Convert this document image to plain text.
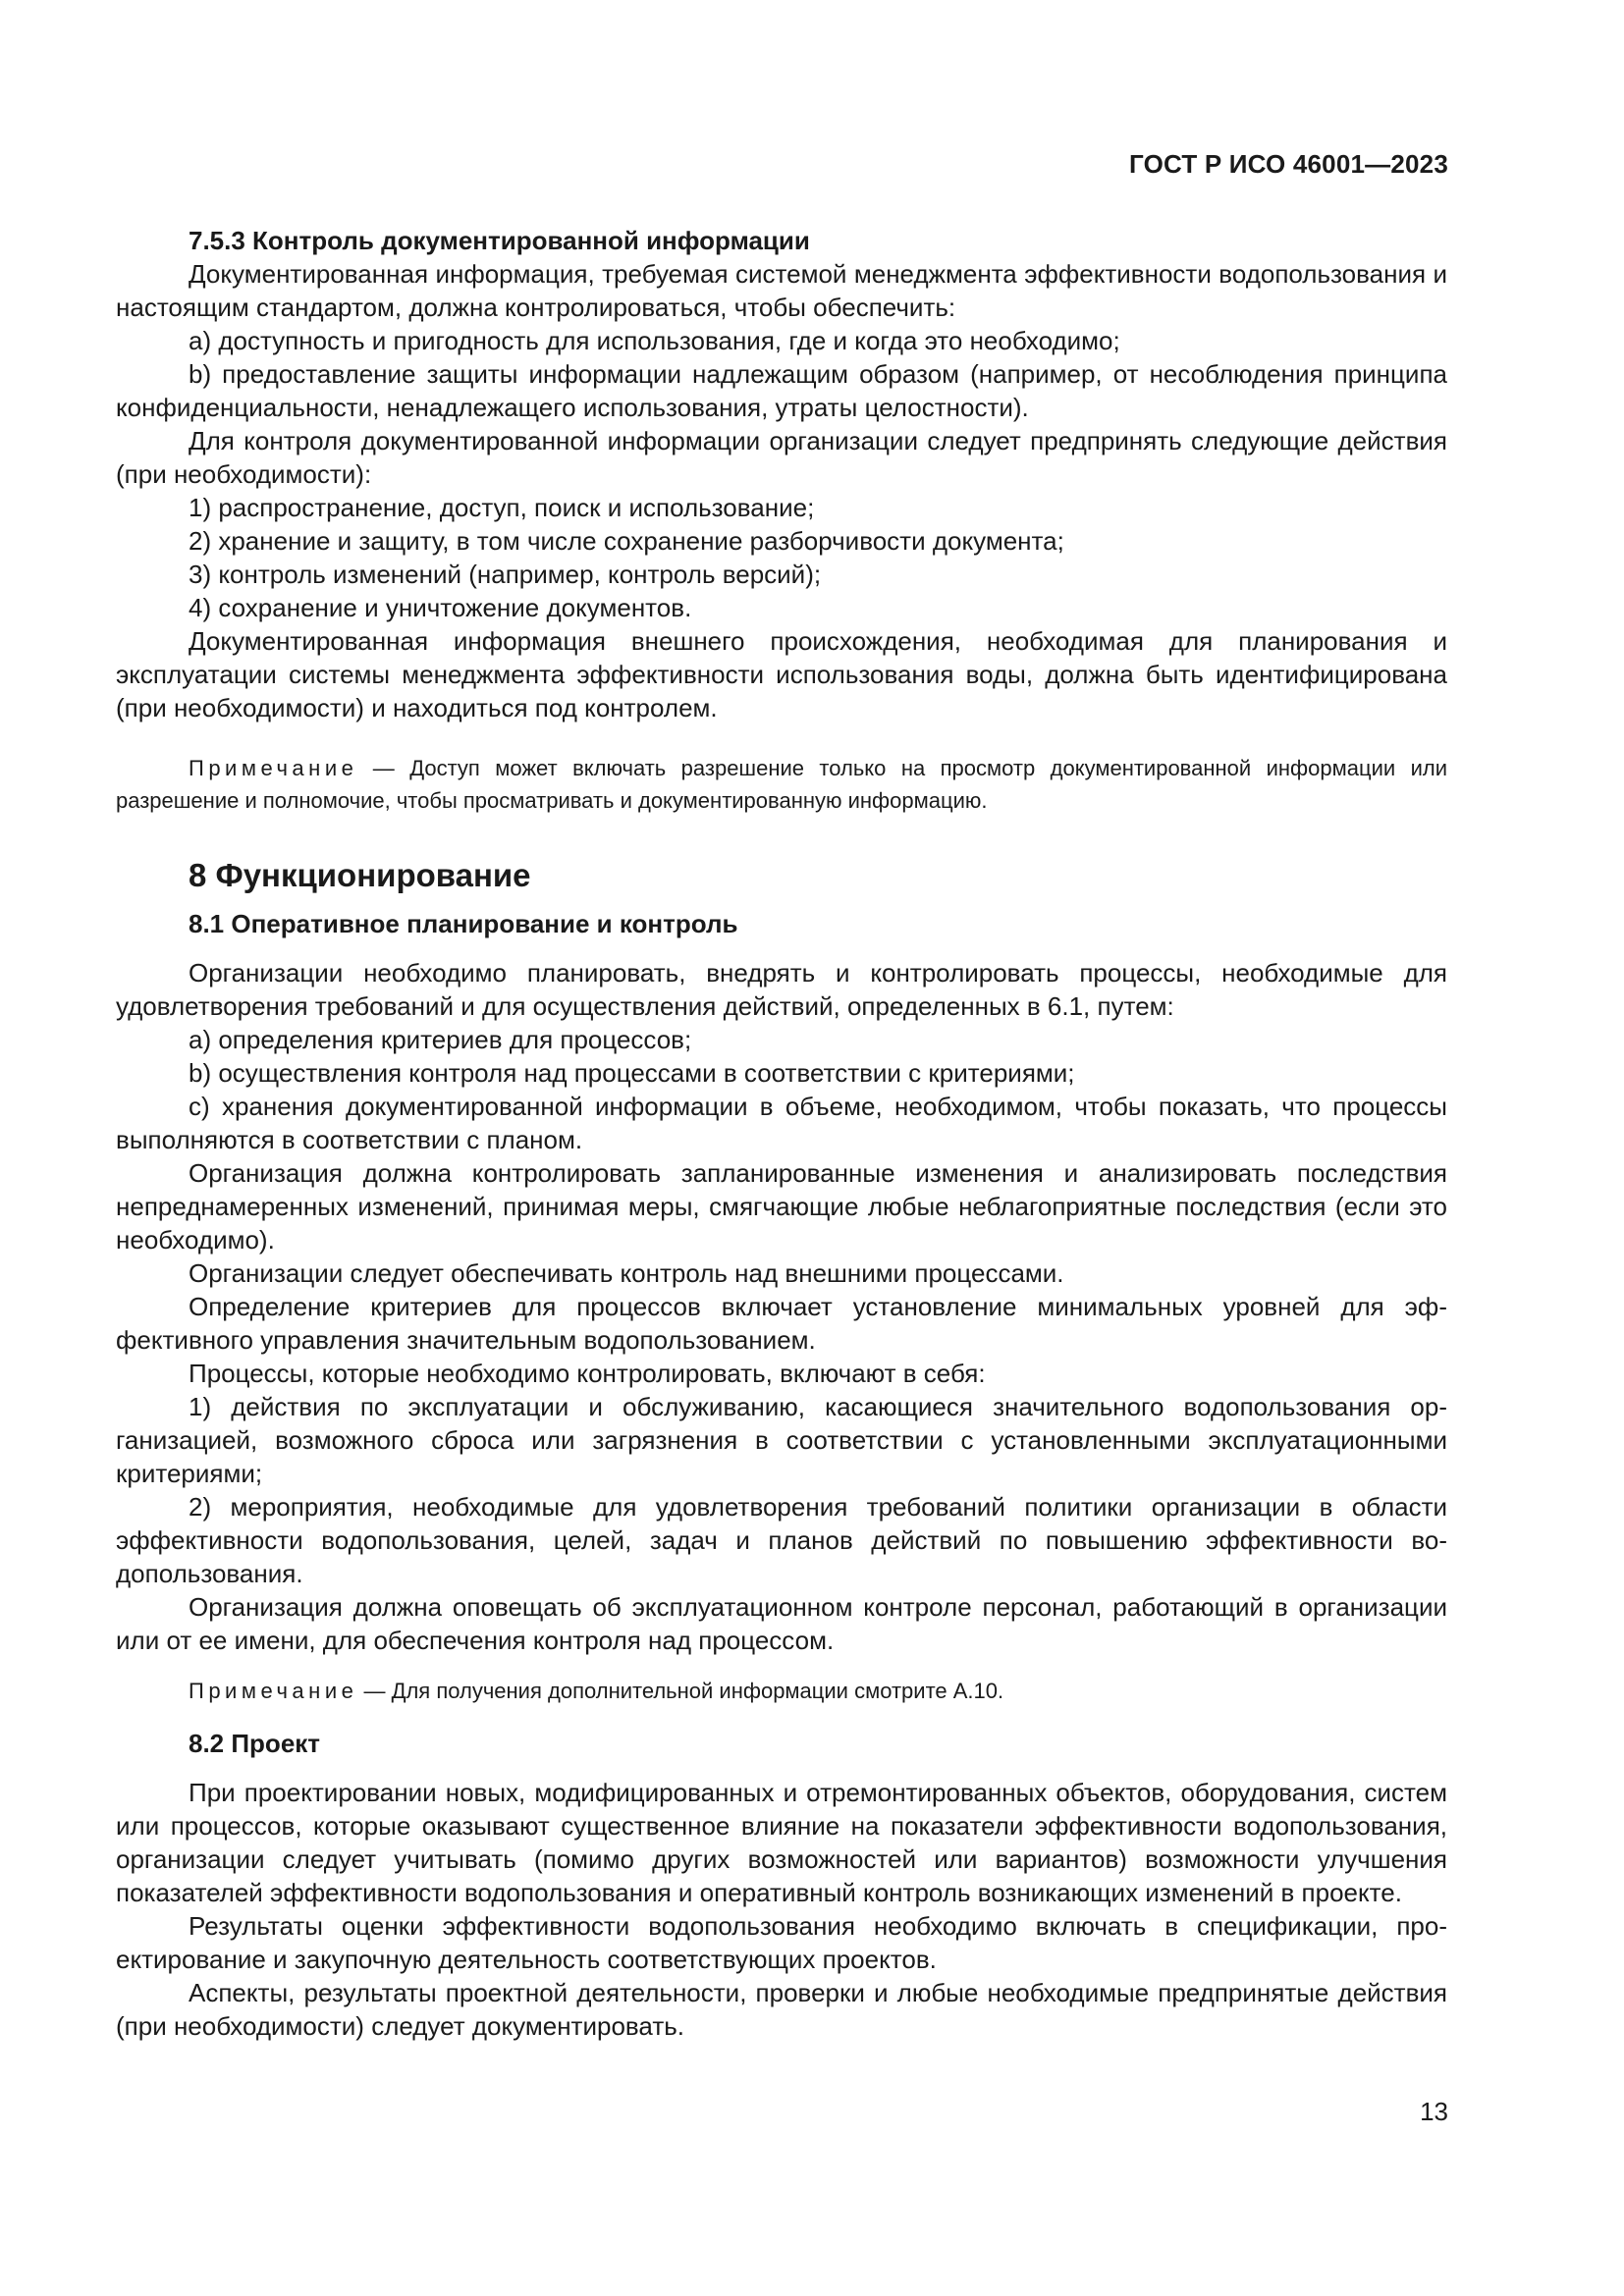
ГОСТ Р ИСО 46001—2023
7.5.3 Контроль документированной информации

Документированная информация, требуемая системой менеджмента эффективности водопользования и настоящим стандартом, должна контролироваться, чтобы обеспечить:

a) доступность и пригодность для использования, где и когда это необходимо;

b) предоставление защиты информации надлежащим образом (например, от несоблюдения принципа конфиденциальности, ненадлежащего использования, утраты целостности).

Для контроля документированной информации организации следует предпринять следующие действия (при необходимости):

1) распространение, доступ, поиск и использование;

2) хранение и защиту, в том числе сохранение разборчивости документа;

3) контроль изменений (например, контроль версий);

4) сохранение и уничтожение документов.

Документированная информация внешнего происхождения, необходимая для планирования и эксплуатации системы менеджмента эффективности использования воды, должна быть идентифицирована (при необходимости) и находиться под контролем.

Примечание — Доступ может включать разрешение только на просмотр документированной информации или разрешение и полномочие, чтобы просматривать и документированную информацию.

8 Функционирование
8.1 Оперативное планирование и контроль

Организации необходимо планировать, внедрять и контролировать процессы, необходимые для удовлетворения требований и для осуществления действий, определенных в 6.1, путем:

a) определения критериев для процессов;

b) осуществления контроля над процессами в соответствии с критериями;

c) хранения документированной информации в объеме, необходимом, чтобы показать, что процессы выполняются в соответствии с планом.

Организация должна контролировать запланированные изменения и анализировать последствия непреднамеренных изменений, принимая меры, смягчающие любые неблагоприятные последствия (если это необходимо).

Организации следует обеспечивать контроль над внешними процессами.

Определение критериев для процессов включает установление минимальных уровней для эффективного управления значительным водопользованием.

Процессы, которые необходимо контролировать, включают в себя:

1) действия по эксплуатации и обслуживанию, касающиеся значительного водопользования организацией, возможного сброса или загрязнения в соответствии с установленными эксплуатационными критериями;

2) мероприятия, необходимые для удовлетворения требований политики организации в области эффективности водопользования, целей, задач и планов действий по повышению эффективности водопользования.

Организация должна оповещать об эксплуатационном контроле персонал, работающий в организации или от ее имени, для обеспечения контроля над процессом.

Примечание — Для получения дополнительной информации смотрите А.10.

8.2 Проект

При проектировании новых, модифицированных и отремонтированных объектов, оборудования, систем или процессов, которые оказывают существенное влияние на показатели эффективности водопользования, организации следует учитывать (помимо других возможностей или вариантов) возможности улучшения показателей эффективности водопользования и оперативный контроль возникающих изменений в проекте.

Результаты оценки эффективности водопользования необходимо включать в спецификации, проектирование и закупочную деятельность соответствующих проектов.

Аспекты, результаты проектной деятельности, проверки и любые необходимые предпринятые действия (при необходимости) следует документировать.

13
